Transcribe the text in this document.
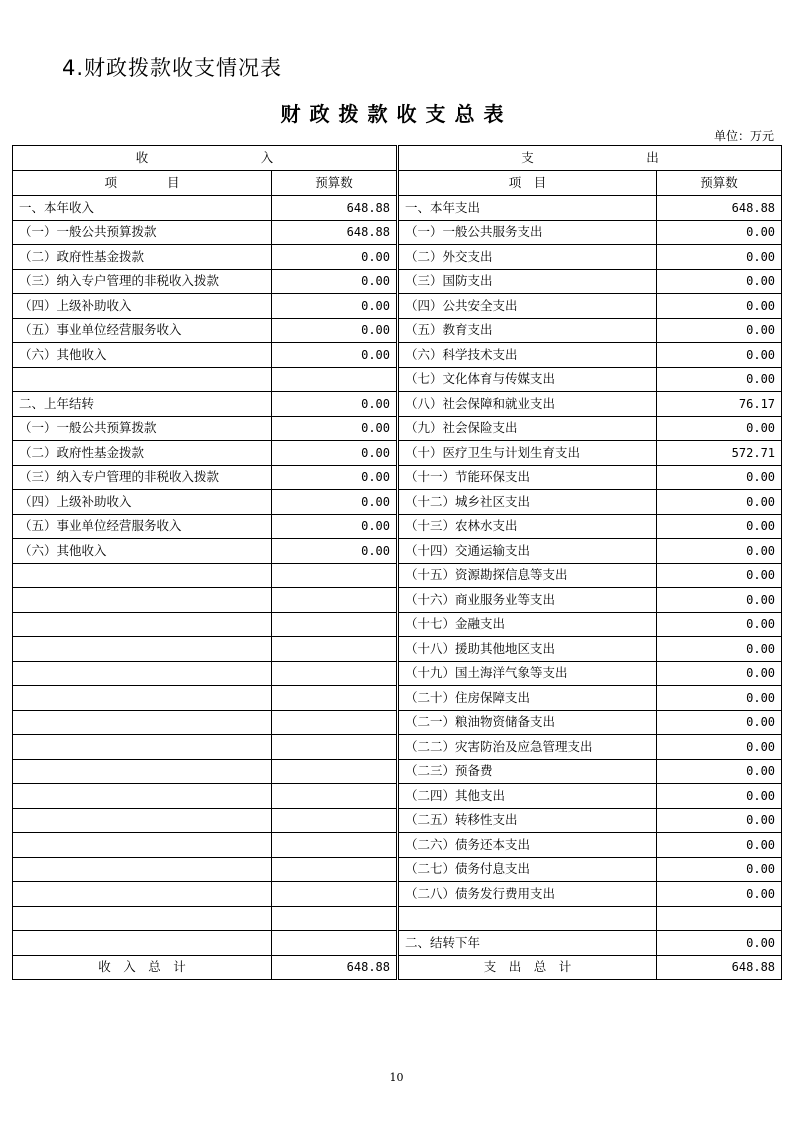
4.财政拨款收支情况表
财政拨款收支总表
单位：万元
收　　　　　　　　　入		支　　　　　　　　　出	
项　　　　目	预算数	项　目	预算数
一、本年收入	648.88	一、本年支出	648.88
（一）一般公共预算拨款	648.88	（一）一般公共服务支出	0.00
（二）政府性基金拨款	0.00	（二）外交支出	0.00
（三）纳入专户管理的非税收入拨款	0.00	（三）国防支出	0.00
（四）上级补助收入	0.00	（四）公共安全支出	0.00
（五）事业单位经营服务收入	0.00	（五）教育支出	0.00
（六）其他收入	0.00	（六）科学技术支出	0.00
		（七）文化体育与传媒支出	0.00
二、上年结转	0.00	（八）社会保障和就业支出	76.17
（一）一般公共预算拨款	0.00	（九）社会保险支出	0.00
（二）政府性基金拨款	0.00	（十）医疗卫生与计划生育支出	572.71
（三）纳入专户管理的非税收入拨款	0.00	（十一）节能环保支出	0.00
（四）上级补助收入	0.00	（十二）城乡社区支出	0.00
（五）事业单位经营服务收入	0.00	（十三）农林水支出	0.00
（六）其他收入	0.00	（十四）交通运输支出	0.00
		（十五）资源勘探信息等支出	0.00
		（十六）商业服务业等支出	0.00
		（十七）金融支出	0.00
		（十八）援助其他地区支出	0.00
		（十九）国土海洋气象等支出	0.00
		（二十）住房保障支出	0.00
		（二一）粮油物资储备支出	0.00
		（二二）灾害防治及应急管理支出	0.00
		（二三）预备费	0.00
		（二四）其他支出	0.00
		（二五）转移性支出	0.00
		（二六）债务还本支出	0.00
		（二七）债务付息支出	0.00
		（二八）债务发行费用支出	0.00

		二、结转下年	0.00
收　入　总　计	648.88	支　出　总　计	648.88
10
